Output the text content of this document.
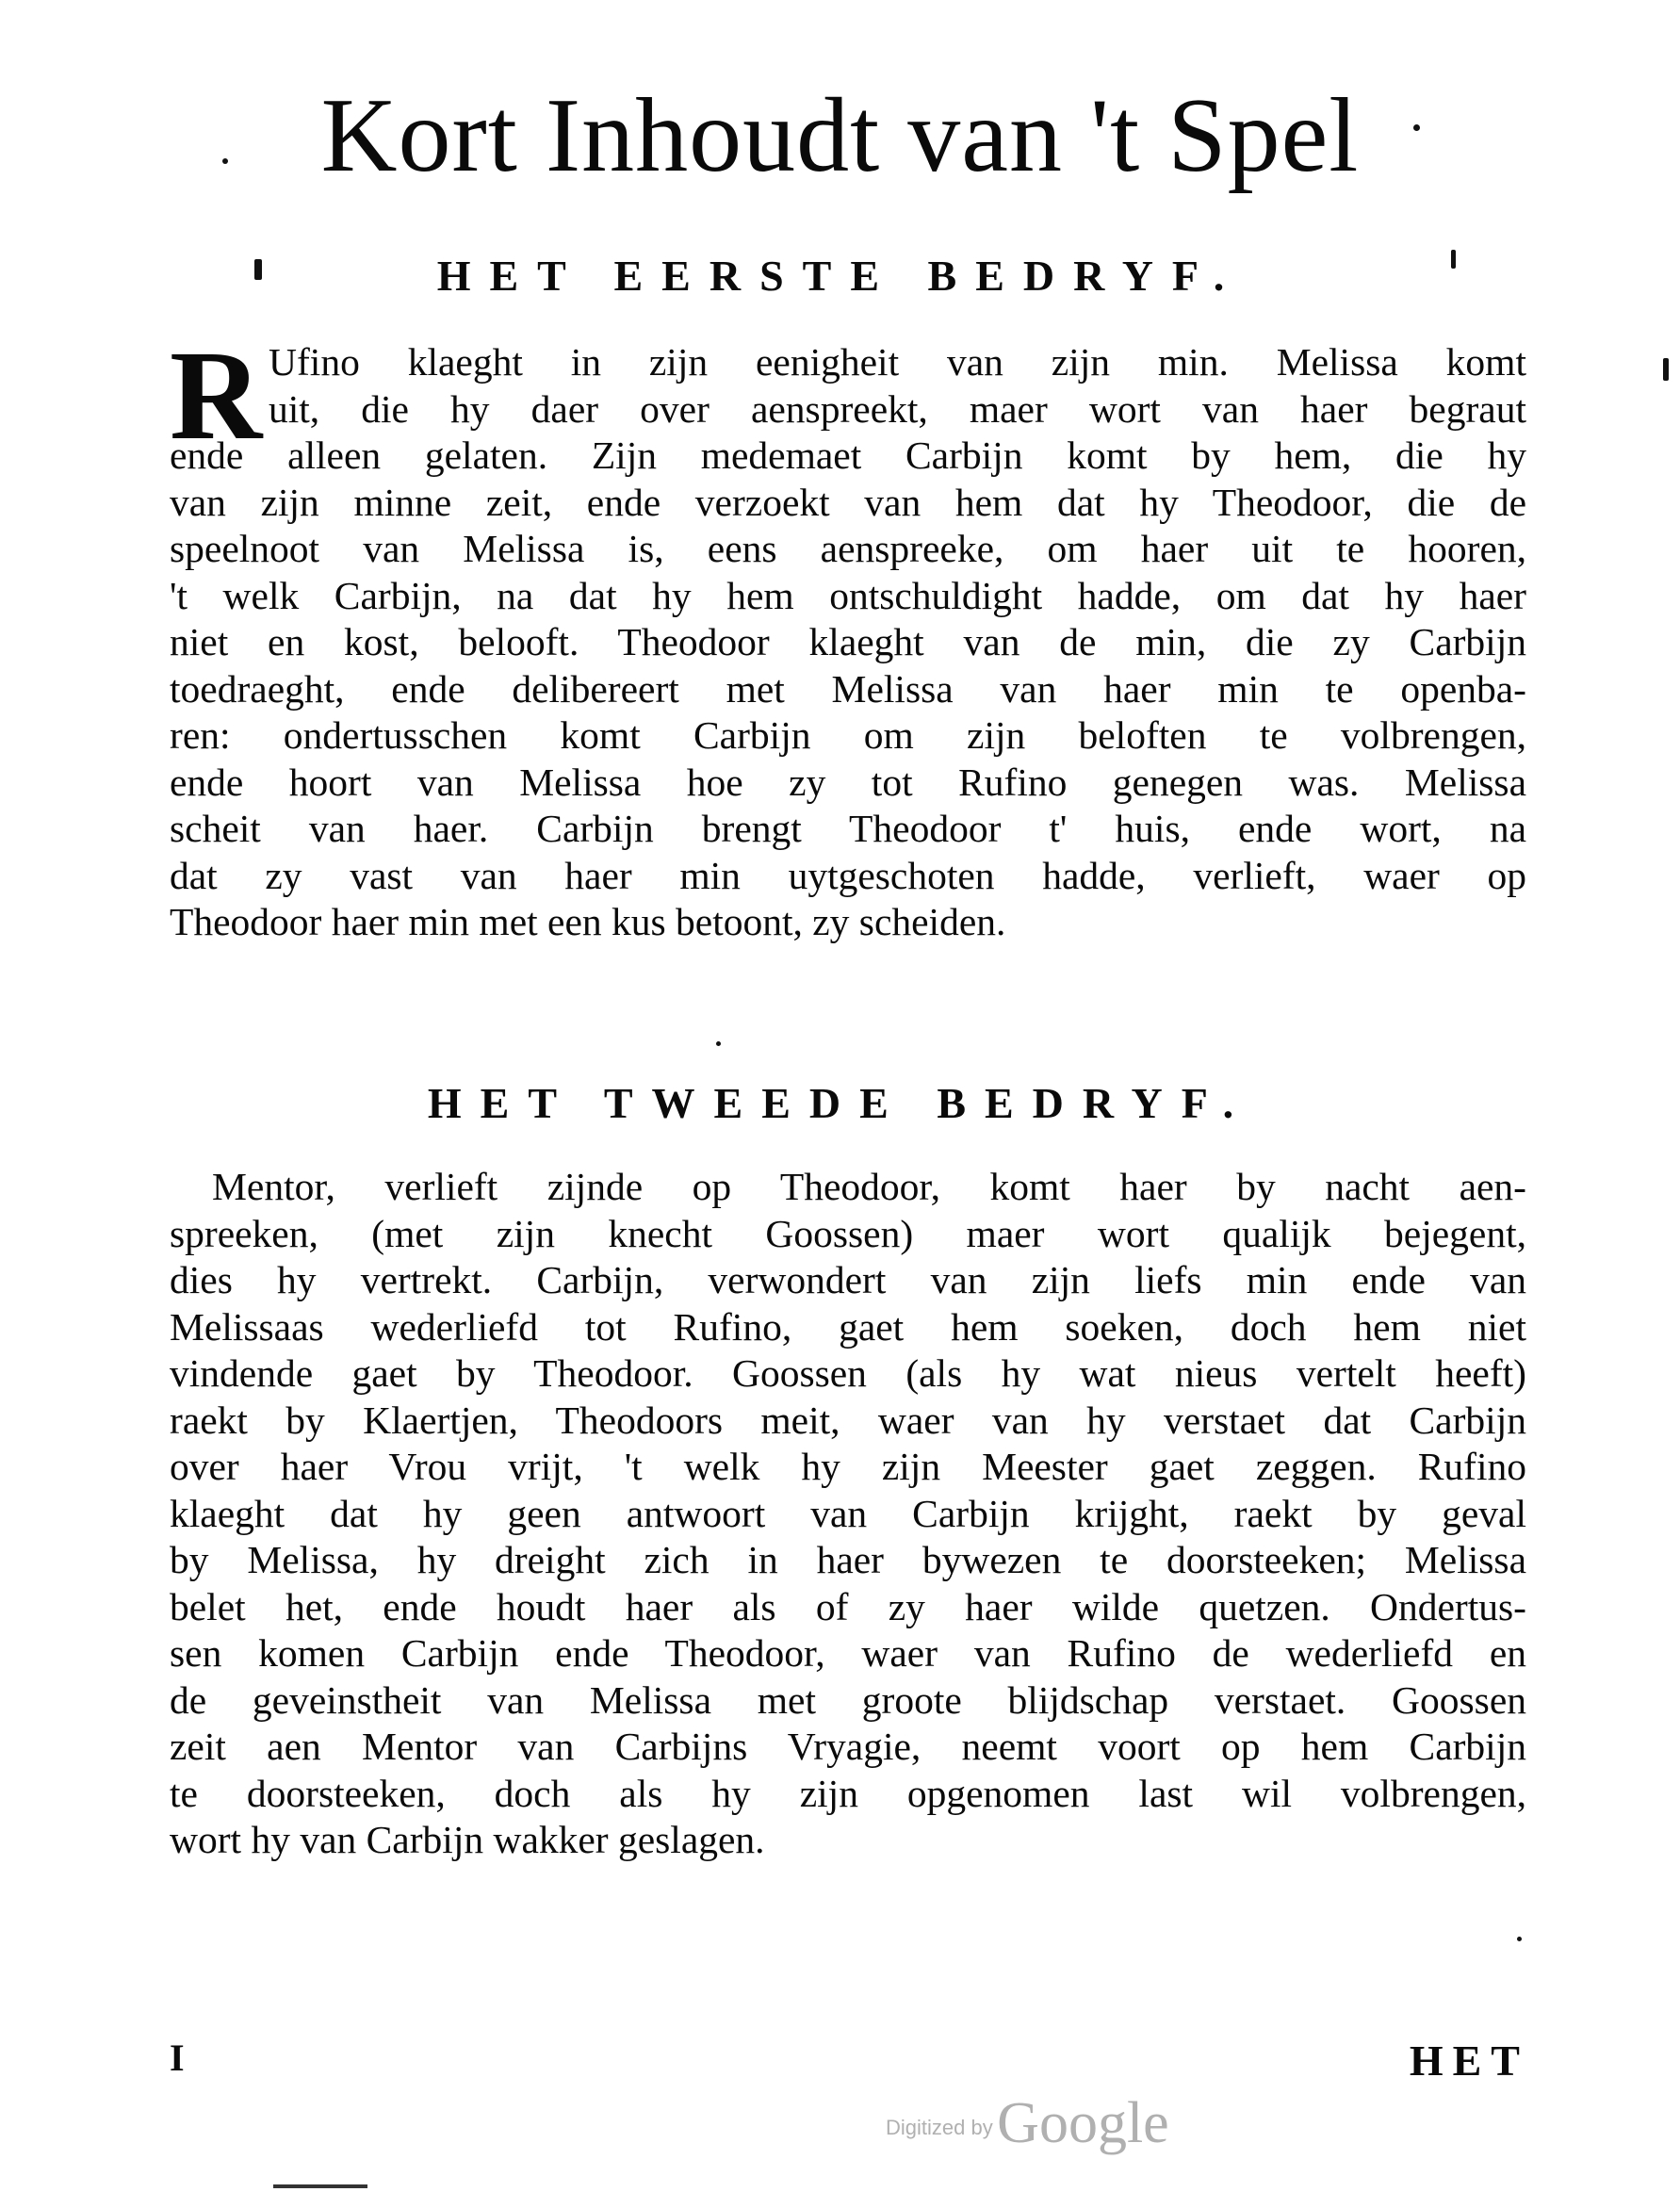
Kort Inhoudt van 't Spel
HET EERSTE BEDRYF.
R Ufino klaeght in zijn eenigheit van zijn min. Melissa komt
uit, die hy daer over aenspreekt, maer wort van haer begraut
ende alleen gelaten. Zijn medemaet Carbijn komt by hem, die hy
van zijn minne zeit, ende verzoekt van hem dat hy Theodoor, die de
speelnoot van Melissa is, eens aenspreeke, om haer uit te hooren,
't welk Carbijn, na dat hy hem ontschuldight hadde, om dat hy haer
niet en kost, belooft. Theodoor klaeght van de min, die zy Carbijn
toedraeght, ende delibereert met Melissa van haer min te openba-
ren: ondertusschen komt Carbijn om zijn beloften te volbrengen,
ende hoort van Melissa hoe zy tot Rufino genegen was. Melissa
scheit van haer. Carbijn brengt Theodoor t' huis, ende wort, na
dat zy vast van haer min uytgeschoten hadde, verlieft, waer op
Theodoor haer min met een kus betoont, zy scheiden.
HET TWEEDE BEDRYF.
Mentor, verlieft zijnde op Theodoor, komt haer by nacht aen-
spreeken, (met zijn knecht Goossen) maer wort qualijk bejegent,
dies hy vertrekt. Carbijn, verwondert van zijn liefs min ende van
Melissaas wederliefd tot Rufino, gaet hem soeken, doch hem niet
vindende gaet by Theodoor. Goossen (als hy wat nieus vertelt heeft)
raekt by Klaertjen, Theodoors meit, waer van hy verstaet dat Carbijn
over haer Vrou vrijt, 't welk hy zijn Meester gaet zeggen. Rufino
klaeght dat hy geen antwoort van Carbijn krijght, raekt by geval
by Melissa, hy dreight zich in haer bywezen te doorsteeken; Melissa
belet het, ende houdt haer als of zy haer wilde quetzen. Ondertus-
sen komen Carbijn ende Theodoor, waer van Rufino de wederliefd en
de geveinstheit van Melissa met groote blijdschap verstaet. Goossen
zeit aen Mentor van Carbijns Vryagie, neemt voort op hem Carbijn
te doorsteeken, doch als hy zijn opgenomen last wil volbrengen,
wort hy van Carbijn wakker geslagen.
I	HET
Digitized by Google
